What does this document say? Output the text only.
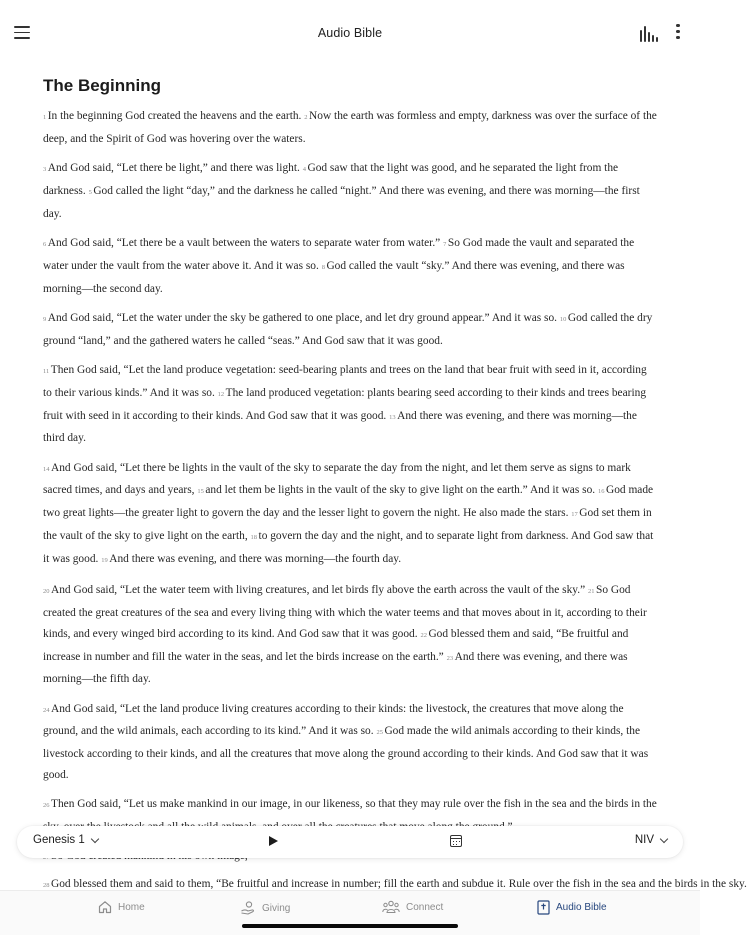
Audio Bible
The Beginning

1 In the beginning God created the heavens and the earth. 2 Now the earth was formless and empty, darkness was over the surface of the deep, and the Spirit of God was hovering over the waters.

3 And God said, “Let there be light,” and there was light. 4 God saw that the light was good, and he separated the light from the darkness. 5 God called the light “day,” and the darkness he called “night.” And there was evening, and there was morning—the first day.

6 And God said, “Let there be a vault between the waters to separate water from water.” 7 So God made the vault and separated the water under the vault from the water above it. And it was so. 8 God called the vault “sky.” And there was evening, and there was morning—the second day.

9 And God said, “Let the water under the sky be gathered to one place, and let dry ground appear.” And it was so. 10 God called the dry ground “land,” and the gathered waters he called “seas.” And God saw that it was good.

11 Then God said, “Let the land produce vegetation: seed-bearing plants and trees on the land that bear fruit with seed in it, according to their various kinds.” And it was so. 12 The land produced vegetation: plants bearing seed according to their kinds and trees bearing fruit with seed in it according to their kinds. And God saw that it was good. 13 And there was evening, and there was morning—the third day.

14 And God said, “Let there be lights in the vault of the sky to separate the day from the night, and let them serve as signs to mark sacred times, and days and years, 15 and let them be lights in the vault of the sky to give light on the earth.” And it was so. 16 God made two great lights—the greater light to govern the day and the lesser light to govern the night. He also made the stars. 17 God set them in the vault of the sky to give light on the earth, 18 to govern the day and the night, and to separate light from darkness. And God saw that it was good. 19 And there was evening, and there was morning—the fourth day.

20 And God said, “Let the water teem with living creatures, and let birds fly above the earth across the vault of the sky.” 21 So God created the great creatures of the sea and every living thing with which the water teems and that moves about in it, according to their kinds, and every winged bird according to its kind. And God saw that it was good. 22 God blessed them and said, “Be fruitful and increase in number and fill the water in the seas, and let the birds increase on the earth.” 23 And there was evening, and there was morning—the fifth day.

24 And God said, “Let the land produce living creatures according to their kinds: the livestock, the creatures that move along the ground, and the wild animals, each according to its kind.” And it was so. 25 God made the wild animals according to their kinds, the livestock according to their kinds, and all the creatures that move along the ground according to their kinds. And God saw that it was good.

26 Then God said, “Let us make mankind in our image, in our likeness, so that they may rule over the fish in the sea and the birds in the

Genesis 1	NIV
28 God blessed them and said to them, “Be fruitful and increase in number; fill the earth and subdue it. Rule over the fish in the sea and the birds in the sky.
Home	Giving	Connect	Audio Bible
